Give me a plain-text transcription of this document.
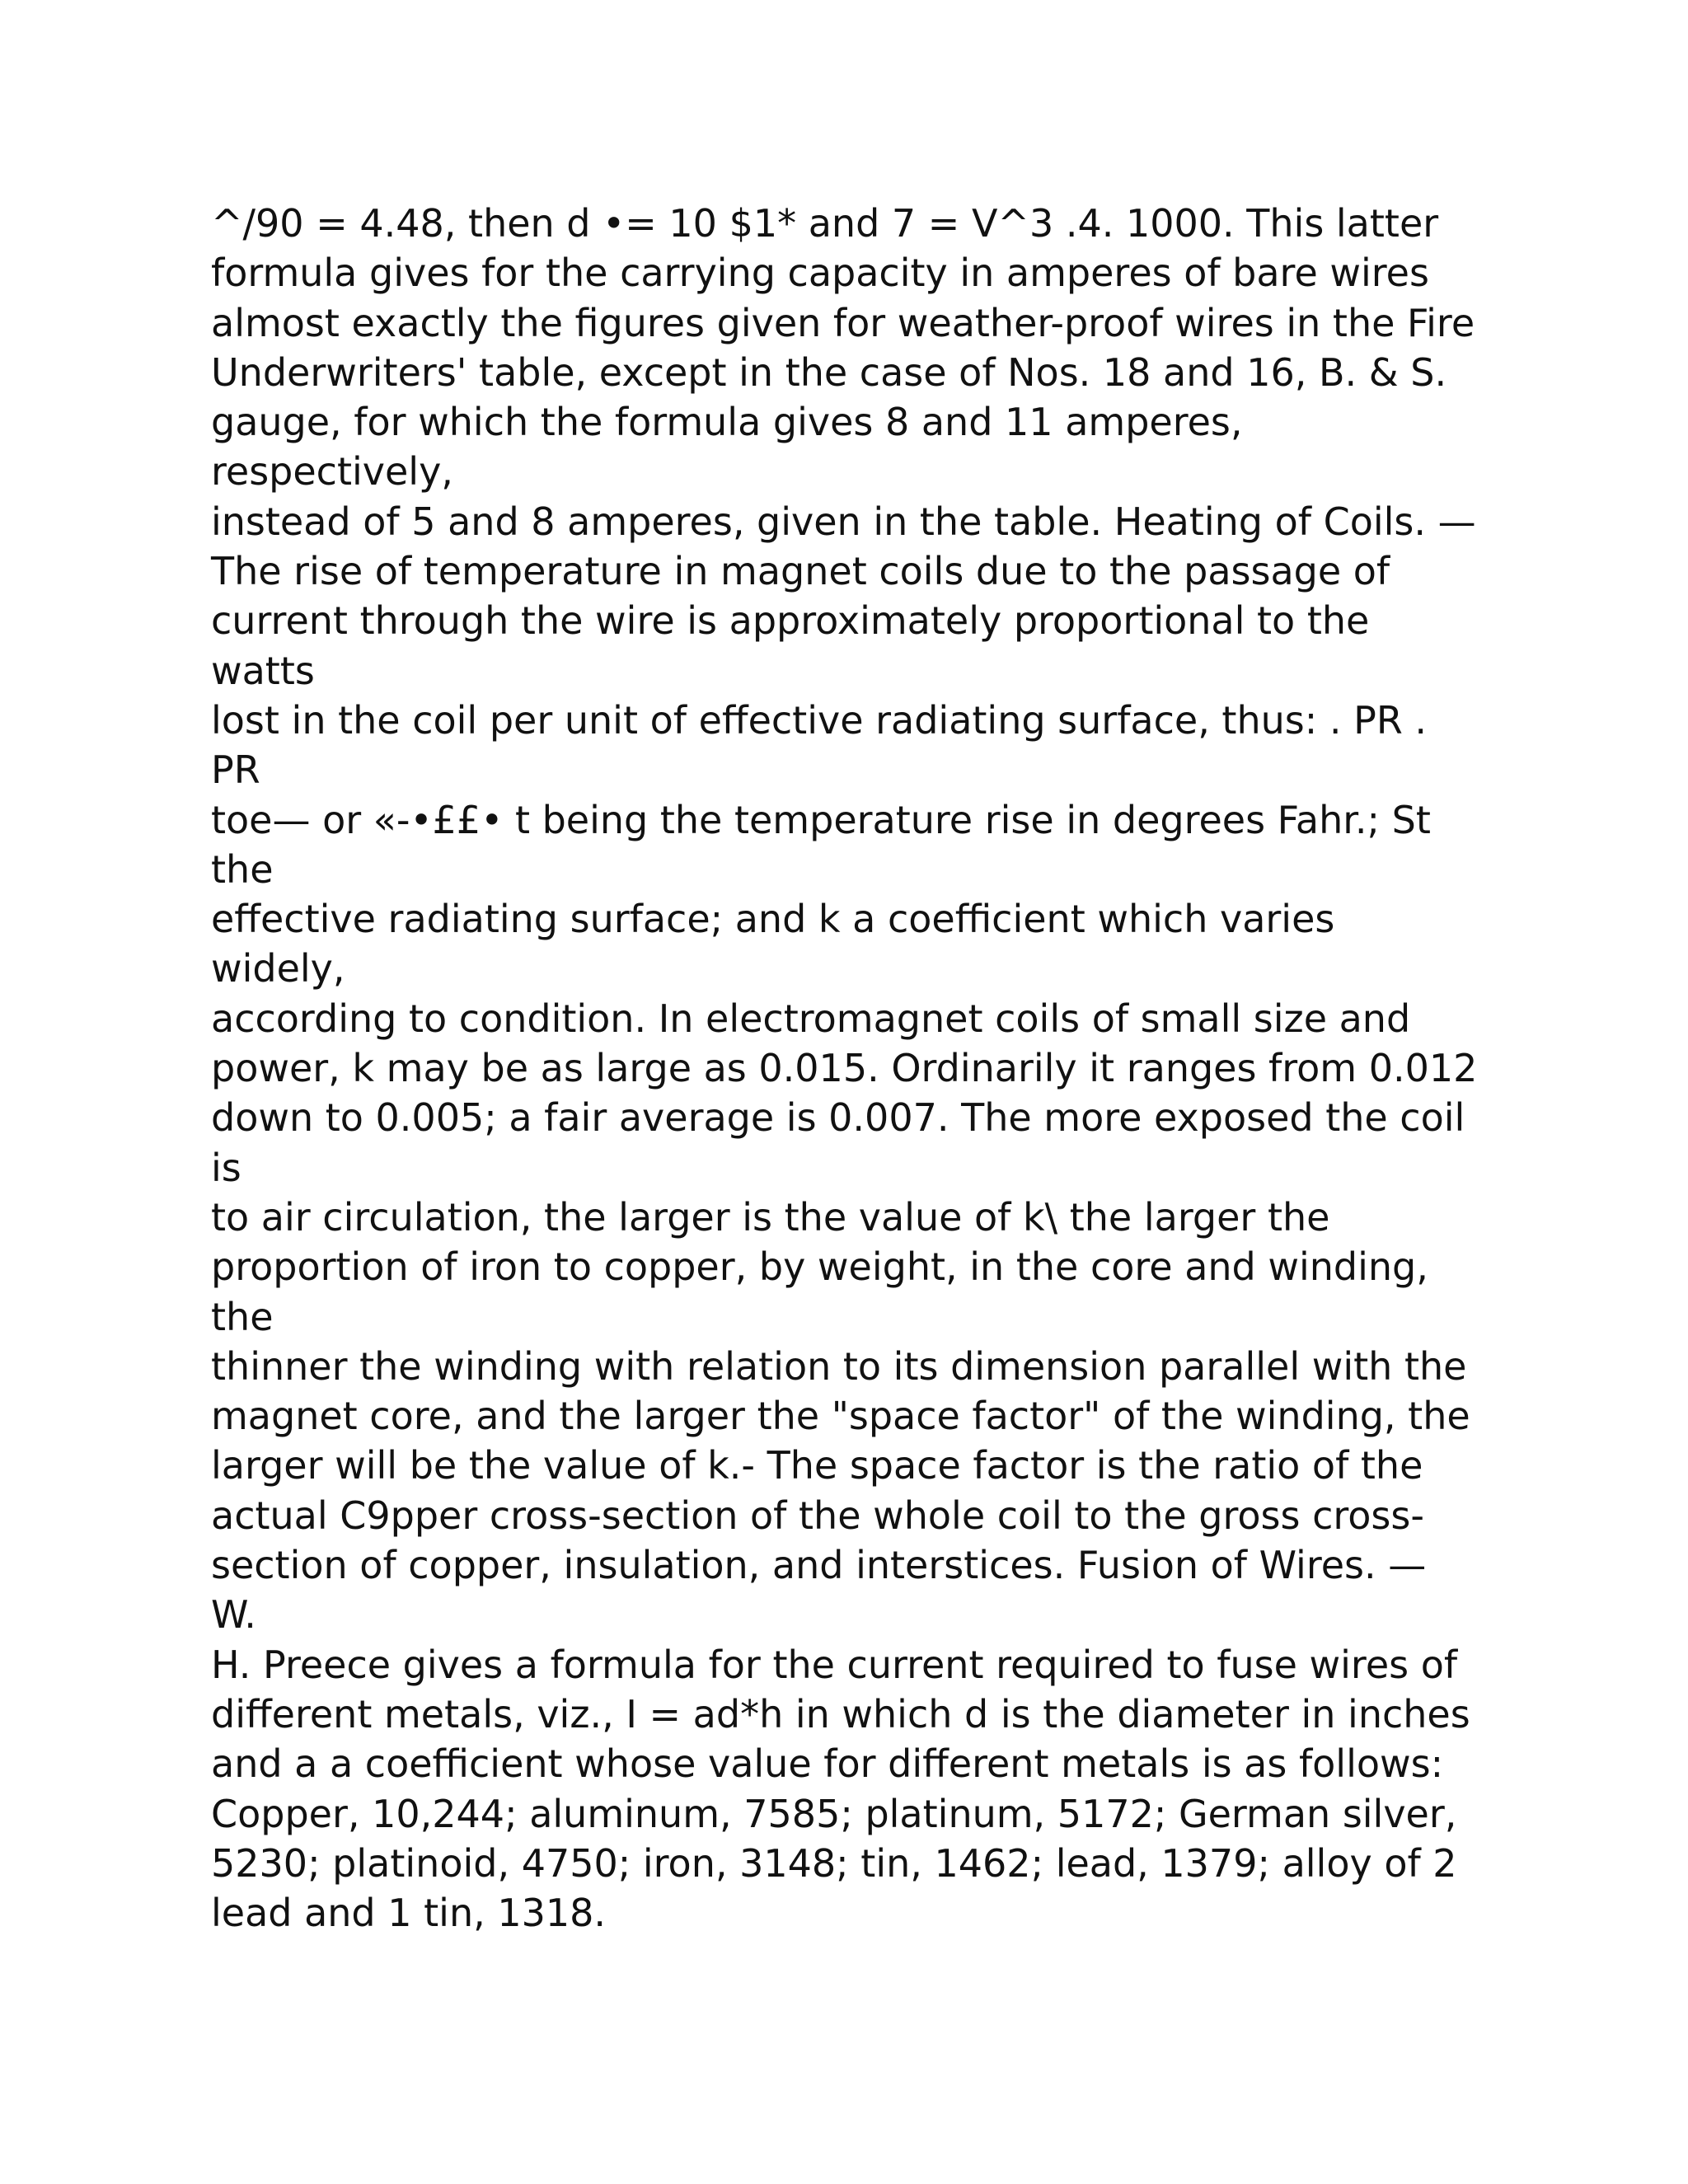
^/90 = 4.48, then d •= 10 $1* and 7 = V^3 .4. 1000. This latter
formula gives for the carrying capacity in amperes of bare wires
almost exactly the figures given for weather-proof wires in the Fire
Underwriters' table, except in the case of Nos. 18 and 16, B. & S.
gauge, for which the formula gives 8 and 11 amperes, respectively,
instead of 5 and 8 amperes, given in the table. Heating of Coils. —
The rise of temperature in magnet coils due to the passage of
current through the wire is approximately proportional to the watts
lost in the coil per unit of effective radiating surface, thus: . PR . PR
toe— or «-•££• t being the temperature rise in degrees Fahr.; St the
effective radiating surface; and k a coefficient which varies widely,
according to condition. In electromagnet coils of small size and
power, k may be as large as 0.015. Ordinarily it ranges from 0.012
down to 0.005; a fair average is 0.007. The more exposed the coil is
to air circulation, the larger is the value of k\ the larger the
proportion of iron to copper, by weight, in the core and winding, the
thinner the winding with relation to its dimension parallel with the
magnet core, and the larger the "space factor" of the winding, the
larger will be the value of k.- The space factor is the ratio of the
actual C9pper cross-section of the whole coil to the gross cross-
section of copper, insulation, and interstices. Fusion of Wires. — W.
H. Preece gives a formula for the current required to fuse wires of
different metals, viz., I = ad*h in which d is the diameter in inches
and a a coefficient whose value for different metals is as follows:
Copper, 10,244; aluminum, 7585; platinum, 5172; German silver,
5230; platinoid, 4750; iron, 3148; tin, 1462; lead, 1379; alloy of 2
lead and 1 tin, 1318.
